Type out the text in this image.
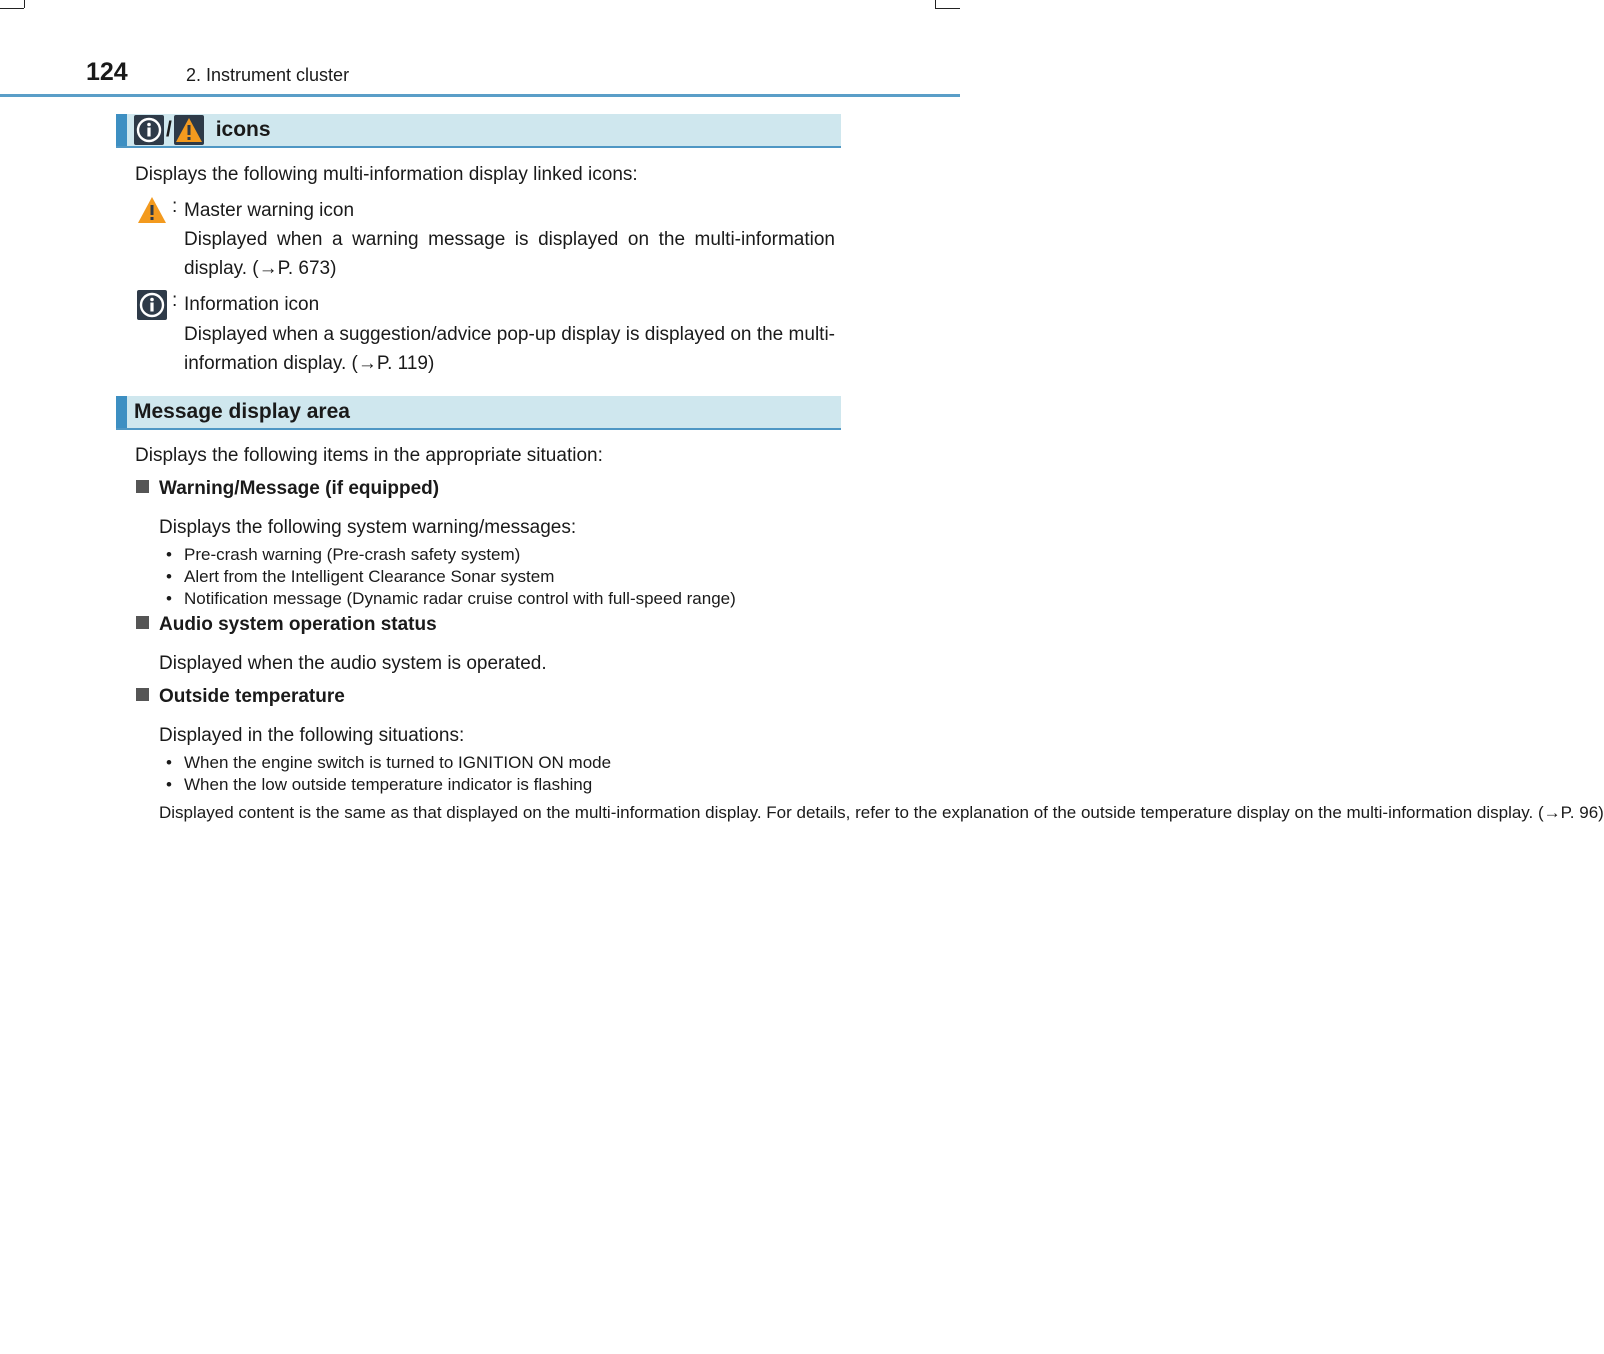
124	2. Instrument cluster
/ icons
Displays the following multi-information display linked icons:
: Master warning icon
Displayed when a warning message is displayed on the multi-information display. (→P. 673)
: Information icon
Displayed when a suggestion/advice pop-up display is displayed on the multi-information display. (→P. 119)
Message display area
Displays the following items in the appropriate situation:
Warning/Message (if equipped)
Displays the following system warning/messages:
• Pre-crash warning (Pre-crash safety system)
• Alert from the Intelligent Clearance Sonar system
• Notification message (Dynamic radar cruise control with full-speed range)
Audio system operation status
Displayed when the audio system is operated.
Outside temperature
Displayed in the following situations:
• When the engine switch is turned to IGNITION ON mode
• When the low outside temperature indicator is flashing
Displayed content is the same as that displayed on the multi-information display. For details, refer to the explanation of the outside temperature display on the multi-information display. (→P. 96)
